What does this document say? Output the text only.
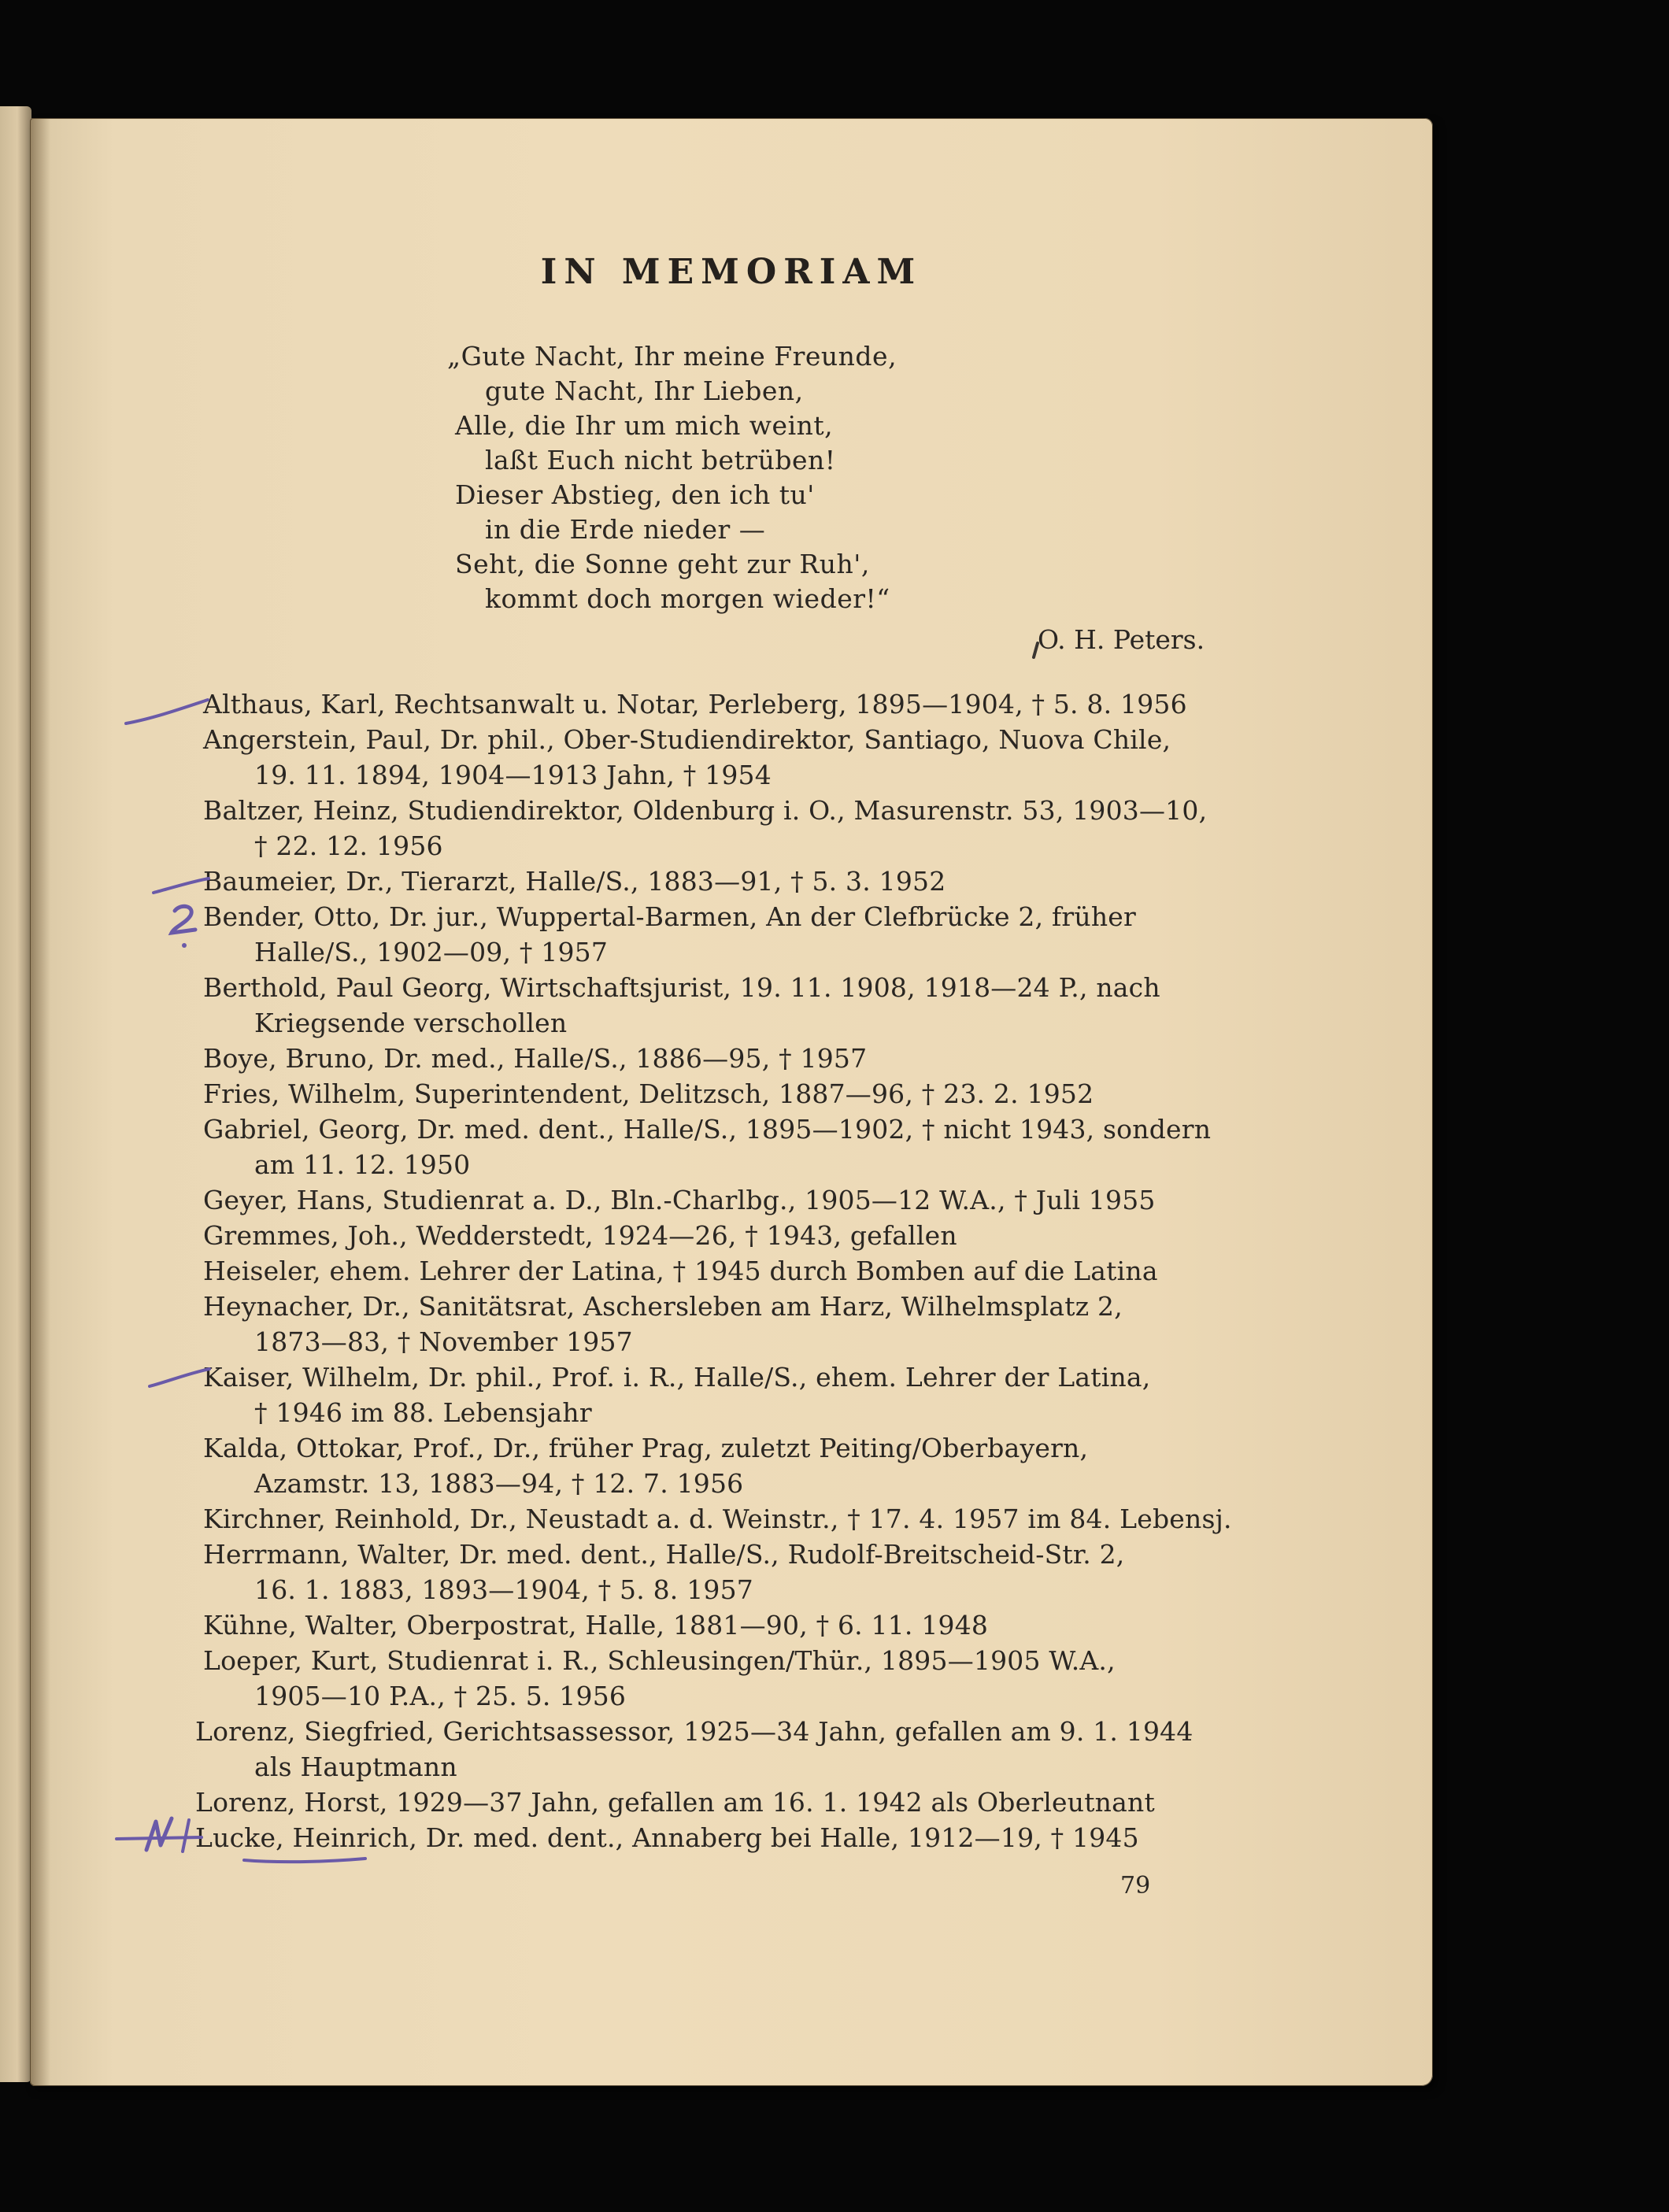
IN MEMORIAM
„Gute Nacht, Ihr meine Freunde,
gute Nacht, Ihr Lieben,
Alle, die Ihr um mich weint,
laßt Euch nicht betrüben!
Dieser Abstieg, den ich tu'
in die Erde nieder —
Seht, die Sonne geht zur Ruh',
kommt doch morgen wieder!“
O. H. Peters.
Althaus, Karl, Rechtsanwalt u. Notar, Perleberg, 1895—1904, † 5. 8. 1956
Angerstein, Paul, Dr. phil., Ober-Studiendirektor, Santiago, Nuova Chile,
19. 11. 1894, 1904—1913 Jahn, † 1954
Baltzer, Heinz, Studiendirektor, Oldenburg i. O., Masurenstr. 53, 1903—10,
† 22. 12. 1956
Baumeier, Dr., Tierarzt, Halle/S., 1883—91, † 5. 3. 1952
Bender, Otto, Dr. jur., Wuppertal-Barmen, An der Clefbrücke 2, früher
Halle/S., 1902—09, † 1957
Berthold, Paul Georg, Wirtschaftsjurist, 19. 11. 1908, 1918—24 P., nach
Kriegsende verschollen
Boye, Bruno, Dr. med., Halle/S., 1886—95, † 1957
Fries, Wilhelm, Superintendent, Delitzsch, 1887—96, † 23. 2. 1952
Gabriel, Georg, Dr. med. dent., Halle/S., 1895—1902, † nicht 1943, sondern
am 11. 12. 1950
Geyer, Hans, Studienrat a. D., Bln.-Charlbg., 1905—12 W.A., † Juli 1955
Gremmes, Joh., Wedderstedt, 1924—26, † 1943, gefallen
Heiseler, ehem. Lehrer der Latina, † 1945 durch Bomben auf die Latina
Heynacher, Dr., Sanitätsrat, Aschersleben am Harz, Wilhelmsplatz 2,
1873—83, † November 1957
Kaiser, Wilhelm, Dr. phil., Prof. i. R., Halle/S., ehem. Lehrer der Latina,
† 1946 im 88. Lebensjahr
Kalda, Ottokar, Prof., Dr., früher Prag, zuletzt Peiting/Oberbayern,
Azamstr. 13, 1883—94, † 12. 7. 1956
Kirchner, Reinhold, Dr., Neustadt a. d. Weinstr., † 17. 4. 1957 im 84. Lebensj.
Herrmann, Walter, Dr. med. dent., Halle/S., Rudolf-Breitscheid-Str. 2,
16. 1. 1883, 1893—1904, † 5. 8. 1957
Kühne, Walter, Oberpostrat, Halle, 1881—90, † 6. 11. 1948
Loeper, Kurt, Studienrat i. R., Schleusingen/Thür., 1895—1905 W.A.,
1905—10 P.A., † 25. 5. 1956
Lorenz, Siegfried, Gerichtsassessor, 1925—34 Jahn, gefallen am 9. 1. 1944
als Hauptmann
Lorenz, Horst, 1929—37 Jahn, gefallen am 16. 1. 1942 als Oberleutnant
Lucke, Heinrich, Dr. med. dent., Annaberg bei Halle, 1912—19, † 1945
79
